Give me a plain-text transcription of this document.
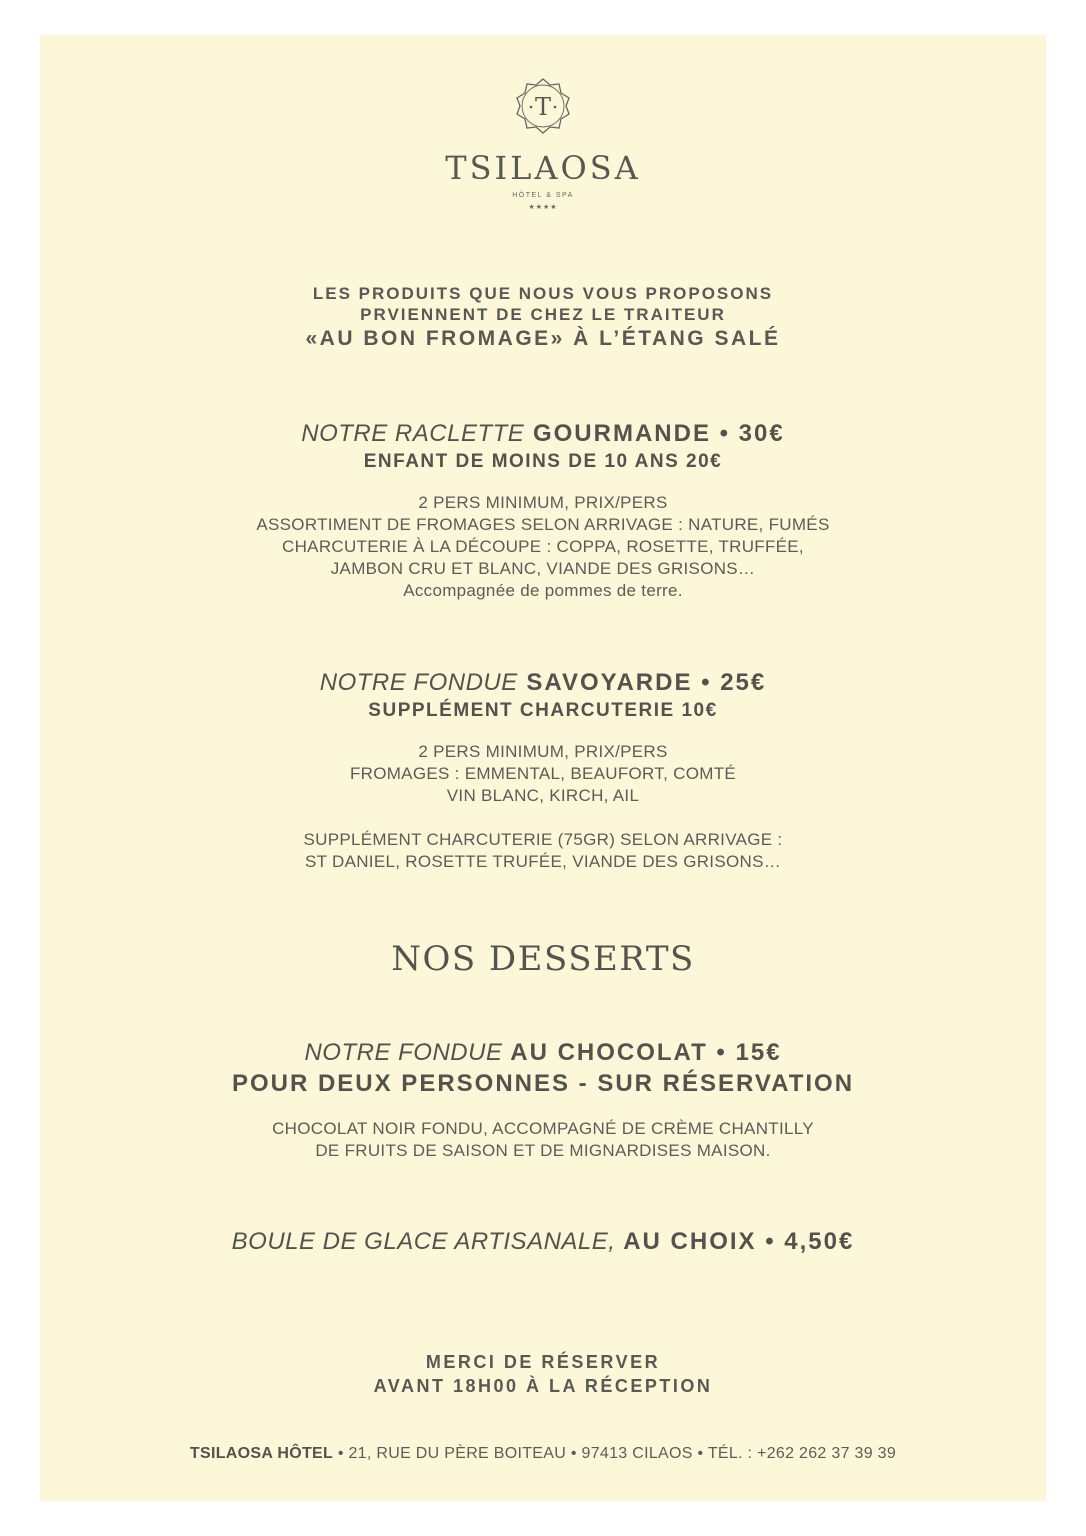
T
TSILAOSA
HÔTEL & SPA
★★★★
LES PRODUITS QUE NOUS VOUS PROPOSONS
PRVIENNENT DE CHEZ LE TRAITEUR
«AU BON FROMAGE» À L’ÉTANG SALÉ
NOTRE RACLETTE GOURMANDE • 30€
ENFANT DE MOINS DE 10 ANS 20€
2 PERS MINIMUM, PRIX/PERS
ASSORTIMENT DE FROMAGES SELON ARRIVAGE : NATURE, FUMÉS
CHARCUTERIE À LA DÉCOUPE : COPPA, ROSETTE, TRUFFÉE,
JAMBON CRU ET BLANC, VIANDE DES GRISONS…
Accompagnée de pommes de terre.
NOTRE FONDUE SAVOYARDE • 25€
SUPPLÉMENT CHARCUTERIE 10€
2 PERS MINIMUM, PRIX/PERS
FROMAGES : EMMENTAL, BEAUFORT, COMTÉ
VIN BLANC, KIRCH, AIL
SUPPLÉMENT CHARCUTERIE (75GR) SELON ARRIVAGE :
ST DANIEL, ROSETTE TRUFÉE, VIANDE DES GRISONS…
NOS DESSERTS
NOTRE FONDUE AU CHOCOLAT • 15€
POUR DEUX PERSONNES - SUR RÉSERVATION
CHOCOLAT NOIR FONDU, ACCOMPAGNÉ DE CRÈME CHANTILLY
DE FRUITS DE SAISON ET DE MIGNARDISES MAISON.
BOULE DE GLACE ARTISANALE, AU CHOIX • 4,50€
MERCI DE RÉSERVER
AVANT 18H00 À LA RÉCEPTION
TSILAOSA HÔTEL • 21, RUE DU PÈRE BOITEAU • 97413 CILAOS • TÉL. : +262 262 37 39 39
